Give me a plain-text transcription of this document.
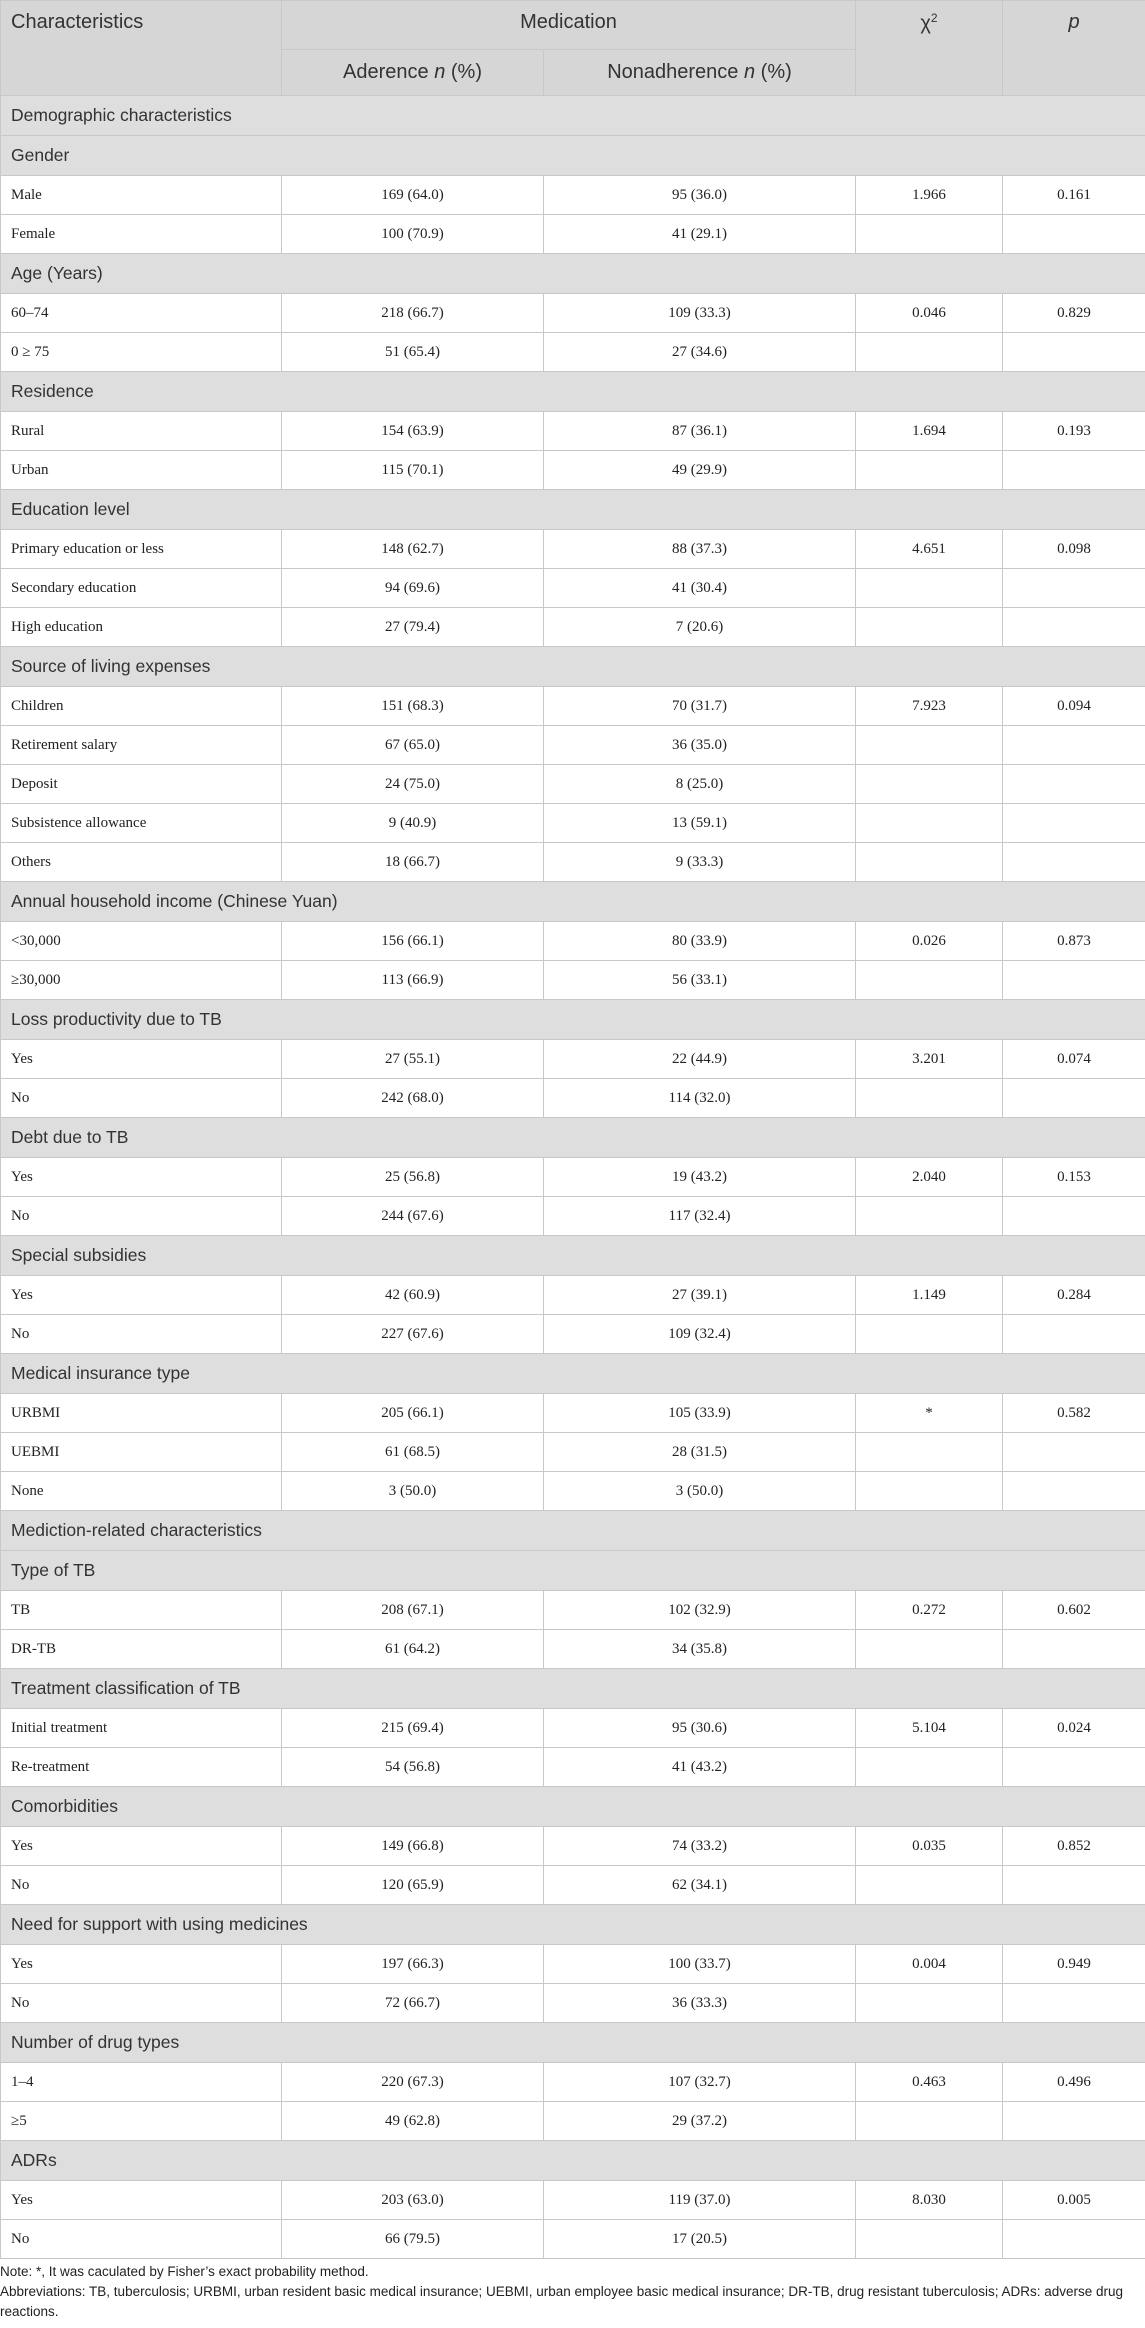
Characteristics	Medication		$\chi^2$	p
	Aderence n (%)	Nonadherence n (%)		
Demographic characteristics				
Gender				
Male	169 (64.0)	95 (36.0)	1.966	0.161
Female	100 (70.9)	41 (29.1)		
Age (Years)				
60–74	218 (66.7)	109 (33.3)	0.046	0.829
0 ≥ 75	51 (65.4)	27 (34.6)		
Residence				
Rural	154 (63.9)	87 (36.1)	1.694	0.193
Urban	115 (70.1)	49 (29.9)		
Education level				
Primary education or less	148 (62.7)	88 (37.3)	4.651	0.098
Secondary education	94 (69.6)	41 (30.4)		
High education	27 (79.4)	7 (20.6)		
Source of living expenses				
Children	151 (68.3)	70 (31.7)	7.923	0.094
Retirement salary	67 (65.0)	36 (35.0)		
Deposit	24 (75.0)	8 (25.0)		
Subsistence allowance	9 (40.9)	13 (59.1)		
Others	18 (66.7)	9 (33.3)		
Annual household income (Chinese Yuan)				
<30,000	156 (66.1)	80 (33.9)	0.026	0.873
≥30,000	113 (66.9)	56 (33.1)		
Loss productivity due to TB				
Yes	27 (55.1)	22 (44.9)	3.201	0.074
No	242 (68.0)	114 (32.0)		
Debt due to TB				
Yes	25 (56.8)	19 (43.2)	2.040	0.153
No	244 (67.6)	117 (32.4)		
Special subsidies				
Yes	42 (60.9)	27 (39.1)	1.149	0.284
No	227 (67.6)	109 (32.4)		
Medical insurance type				
URBMI	205 (66.1)	105 (33.9)	*	0.582
UEBMI	61 (68.5)	28 (31.5)		
None	3 (50.0)	3 (50.0)		
Mediction-related characteristics				
Type of TB				
TB	208 (67.1)	102 (32.9)	0.272	0.602
DR-TB	61 (64.2)	34 (35.8)		
Treatment classification of TB				
Initial treatment	215 (69.4)	95 (30.6)	5.104	0.024
Re-treatment	54 (56.8)	41 (43.2)		
Comorbidities				
Yes	149 (66.8)	74 (33.2)	0.035	0.852
No	120 (65.9)	62 (34.1)		
Need for support with using medicines				
Yes	197 (66.3)	100 (33.7)	0.004	0.949
No	72 (66.7)	36 (33.3)		
Number of drug types				
1–4	220 (67.3)	107 (32.7)	0.463	0.496
≥5	49 (62.8)	29 (37.2)		
ADRs				
Yes	203 (63.0)	119 (37.0)	8.030	0.005
No	66 (79.5)	17 (20.5)		
Note: *, It was caculated by Fisher’s exact probability method.
Abbreviations: TB, tuberculosis; URBMI, urban resident basic medical insurance; UEBMI, urban employee basic medical insurance; DR-TB, drug resistant tuberculosis; ADRs: adverse drug reactions.
